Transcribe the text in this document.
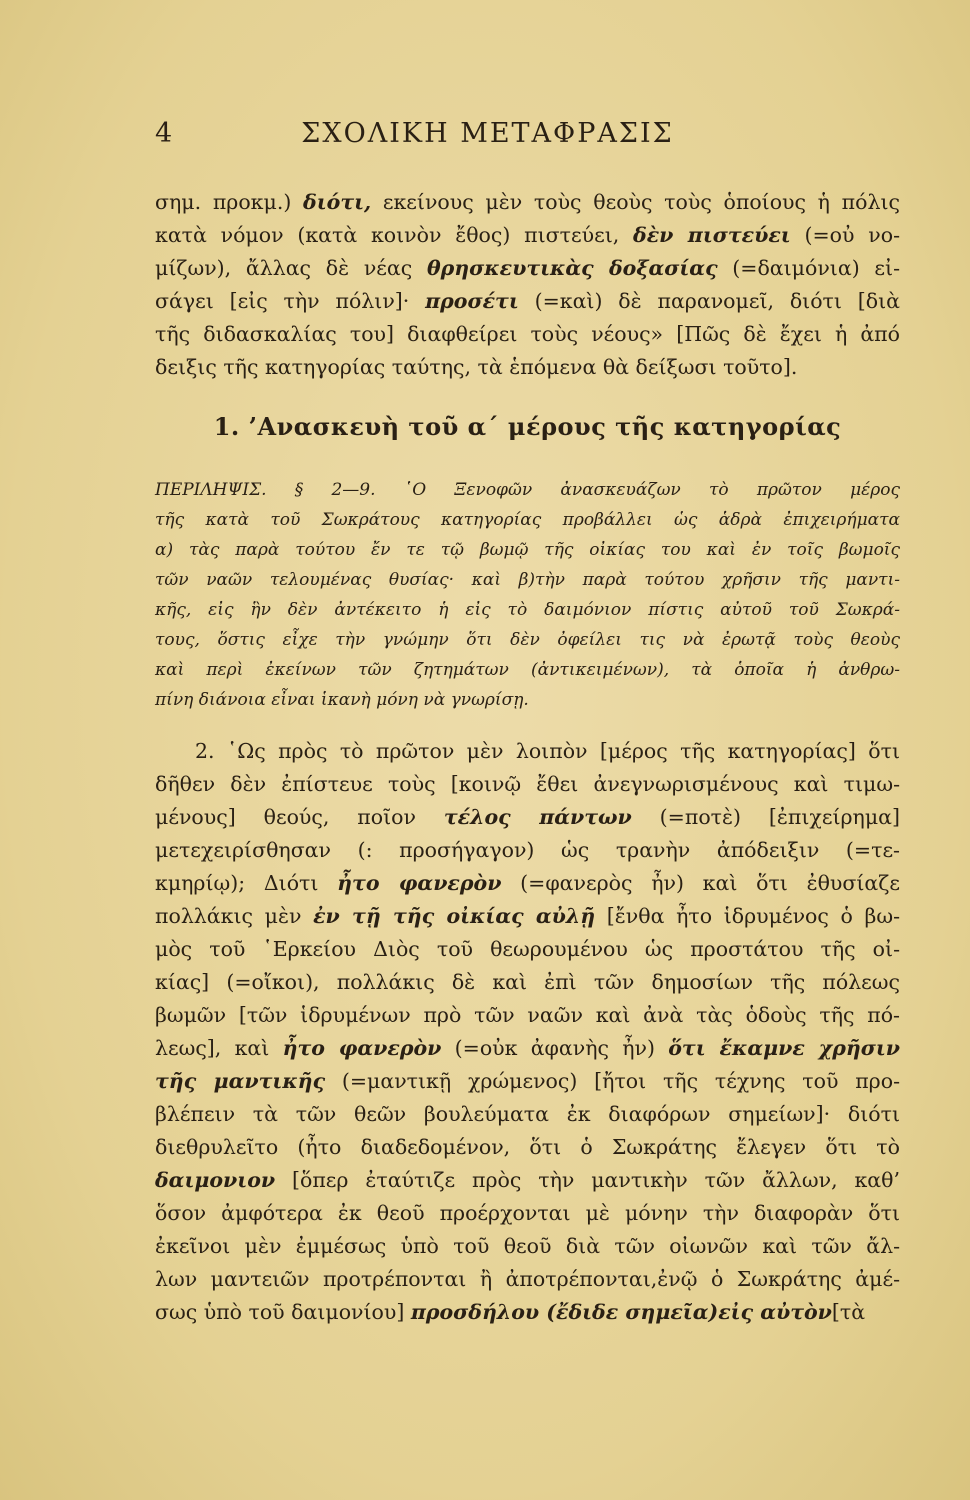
4	ΣΧΟΛΙΚΗ ΜΕΤΑΦΡΑΣΙΣ
σημ. προκμ.) διότι, εκείνους μὲν τοὺς θεοὺς τοὺς ὁποίους ἡ πόλις
κατὰ νόμον (κατὰ κοινὸν ἔθος) πιστεύει, δὲν πιστεύει (=οὐ νο-
μίζων), ἄλλας δὲ νέας θρησκευτικὰς δοξασίας (=δαιμόνια) εἰ-
σάγει [εἰς τὴν πόλιν]· προσέτι (=καὶ) δὲ παρανομεῖ, διότι [διὰ
τῆς διδασκαλίας του] διαφθείρει τοὺς νέους» [Πῶς δὲ ἔχει ἡ ἀπό
δειξις τῆς κατηγορίας ταύτης, τὰ ἑπόμενα θὰ δείξωσι τοῦτο].
1. ’Ανασκευὴ τοῦ α΄ μέρους τῆς κατηγορίας
ΠΕΡΙΛΗΨΙΣ. § 2—9. ῾Ο Ξενοφῶν ἀνασκευάζων τὸ πρῶτον μέρος
τῆς κατὰ τοῦ Σωκράτους κατηγορίας προβάλλει ὡς ἁδρὰ ἐπιχειρήματα
α) τὰς παρὰ τούτου ἔν τε τῷ βωμῷ τῆς οἰκίας του καὶ ἐν τοῖς βωμοῖς
τῶν ναῶν τελουμένας θυσίας· καὶ β)τὴν παρὰ τούτου χρῆσιν τῆς μαντι-
κῆς, εἰς ἣν δὲν ἀντέκειτο ἡ εἰς τὸ δαιμόνιον πίστις αὐτοῦ τοῦ Σωκρά-
τους, ὅστις εἶχε τὴν γνώμην ὅτι δὲν ὀφείλει τις νὰ ἐρωτᾷ τοὺς θεοὺς
καὶ περὶ ἐκείνων τῶν ζητημάτων (ἀντικειμένων), τὰ ὁποῖα ἡ ἀνθρω-
πίνη διάνοια εἶναι ἱκανὴ μόνη νὰ γνωρίσῃ.
2. ῾Ως πρὸς τὸ πρῶτον μὲν λοιπὸν [μέρος τῆς κατηγορίας] ὅτι
δῆθεν δὲν ἐπίστευε τοὺς [κοινῷ ἔθει ἀνεγνωρισμένους καὶ τιμω-
μένους] θεούς, ποῖον τέλος πάντων (=ποτὲ) [ἐπιχείρημα]
μετεχειρίσθησαν (: προσήγαγον) ὡς τρανὴν ἀπόδειξιν (=τε-
κμηρίῳ); Διότι ἦτο φανερὸν (=φανερὸς ἦν) καὶ ὅτι ἐθυσίαζε
πολλάκις μὲν ἐν τῇ τῆς οἰκίας αὐλῇ [ἔνθα ἦτο ἱδρυμένος ὁ βω-
μὸς τοῦ ῾Ερκείου Διὸς τοῦ θεωρουμένου ὡς προστάτου τῆς οἰ-
κίας] (=οἴκοι), πολλάκις δὲ καὶ ἐπὶ τῶν δημοσίων τῆς πόλεως
βωμῶν [τῶν ἱδρυμένων πρὸ τῶν ναῶν καὶ ἀνὰ τὰς ὁδοὺς τῆς πό-
λεως], καὶ ἦτο φανερὸν (=οὐκ ἀφανὴς ἦν) ὅτι ἔκαμνε χρῆσιν
τῆς μαντικῆς (=μαντικῇ χρώμενος) [ἤτοι τῆς τέχνης τοῦ προ-
βλέπειν τὰ τῶν θεῶν βουλεύματα ἐκ διαφόρων σημείων]· διότι
διεθρυλεῖτο (ἦτο διαδεδομένον, ὅτι ὁ Σωκράτης ἔλεγεν ὅτι τὸ
δαιμονιον [ὅπερ ἐταύτιζε πρὸς τὴν μαντικὴν τῶν ἄλλων, καθ’
ὅσον ἀμφότερα ἐκ θεοῦ προέρχονται μὲ μόνην τὴν διαφορὰν ὅτι
ἐκεῖνοι μὲν ἐμμέσως ὑπὸ τοῦ θεοῦ διὰ τῶν οἰωνῶν καὶ τῶν ἄλ-
λων μαντειῶν προτρέπονται ἢ ἀποτρέπονται,ἐνῷ ὁ Σωκράτης ἀμέ-
σως ὑπὸ τοῦ δαιμονίου] προσδήλου (ἔδιδε σημεῖα)εἰς αὐτὸν[τὰ
